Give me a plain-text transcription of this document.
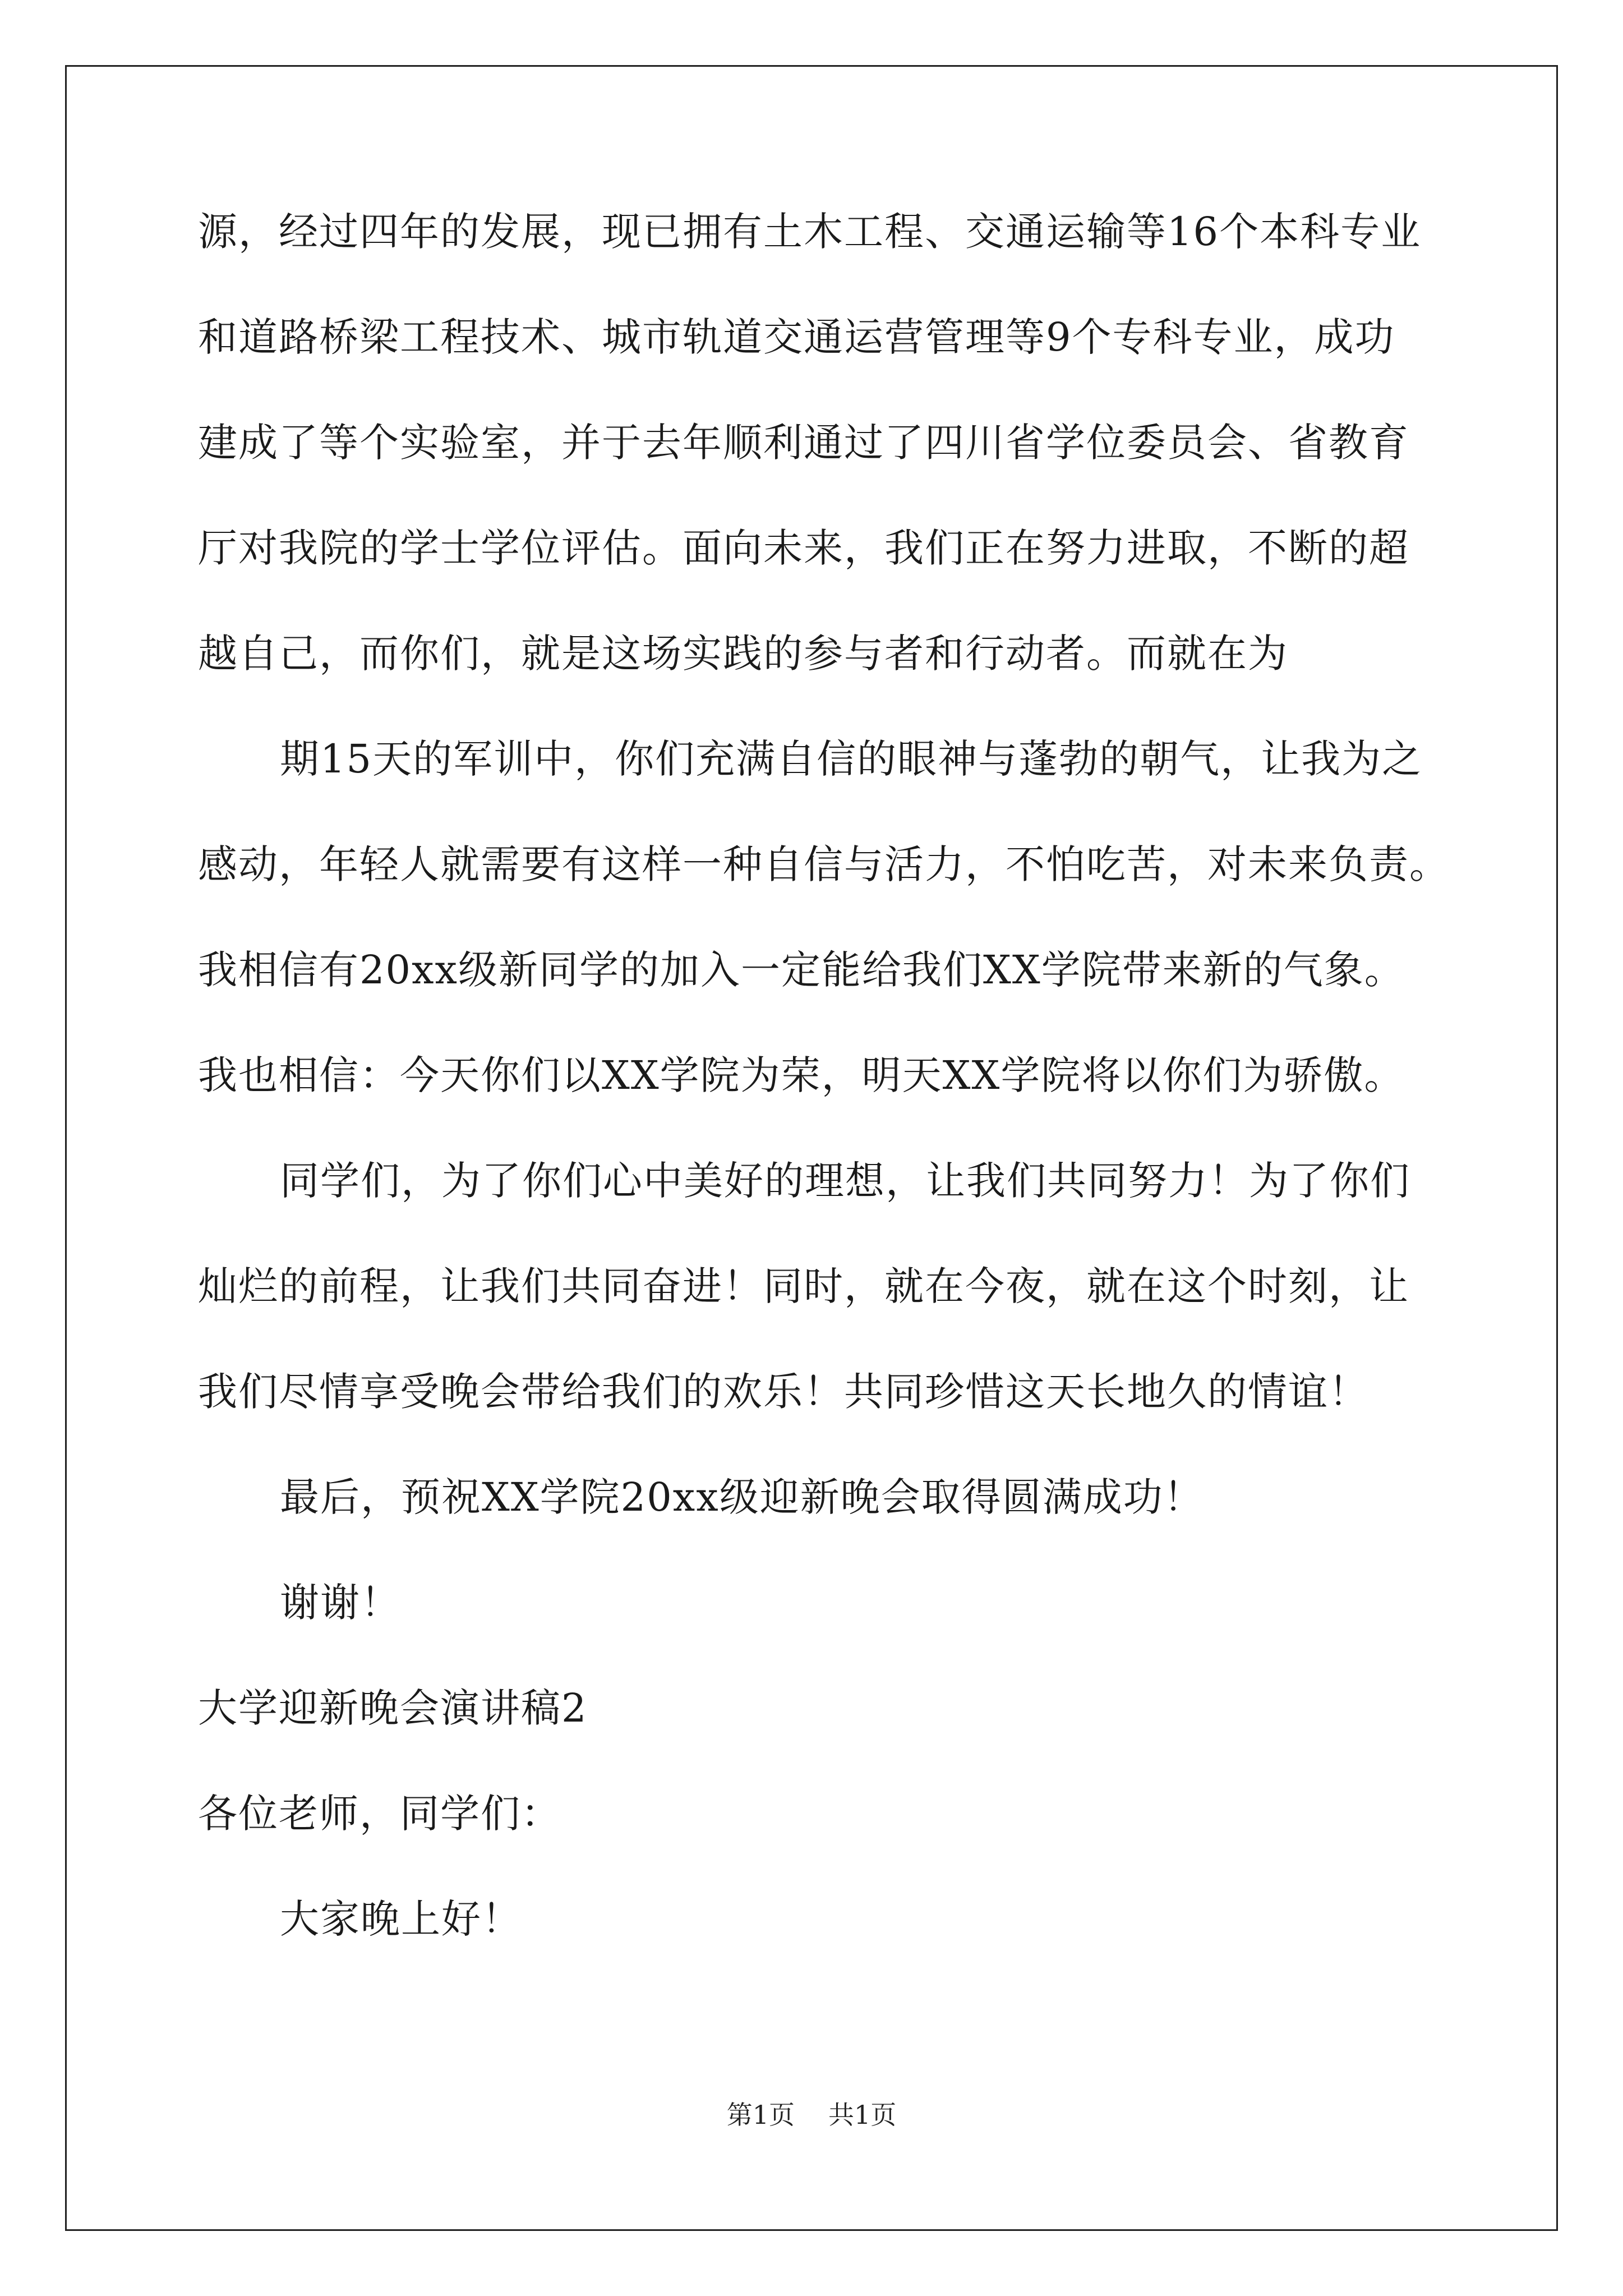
源，经过四年的发展，现已拥有土木工程、交通运输等16个本科专业
和道路桥梁工程技术、城市轨道交通运营管理等9个专科专业，成功
建成了等个实验室，并于去年顺利通过了四川省学位委员会、省教育
厅对我院的学士学位评估。面向未来，我们正在努力进取，不断的超
越自己，而你们，就是这场实践的参与者和行动者。而就在为
期15天的军训中，你们充满自信的眼神与蓬勃的朝气，让我为之
感动，年轻人就需要有这样一种自信与活力，不怕吃苦，对未来负责。
我相信有20xx级新同学的加入一定能给我们XX学院带来新的气象。
我也相信：今天你们以XX学院为荣，明天XX学院将以你们为骄傲。
同学们，为了你们心中美好的理想，让我们共同努力！为了你们
灿烂的前程，让我们共同奋进！同时，就在今夜，就在这个时刻，让
我们尽情享受晚会带给我们的欢乐！共同珍惜这天长地久的情谊！
最后，预祝XX学院20xx级迎新晚会取得圆满成功！
谢谢！
大学迎新晚会演讲稿2
各位老师，同学们：
大家晚上好！
第1页 共1页
